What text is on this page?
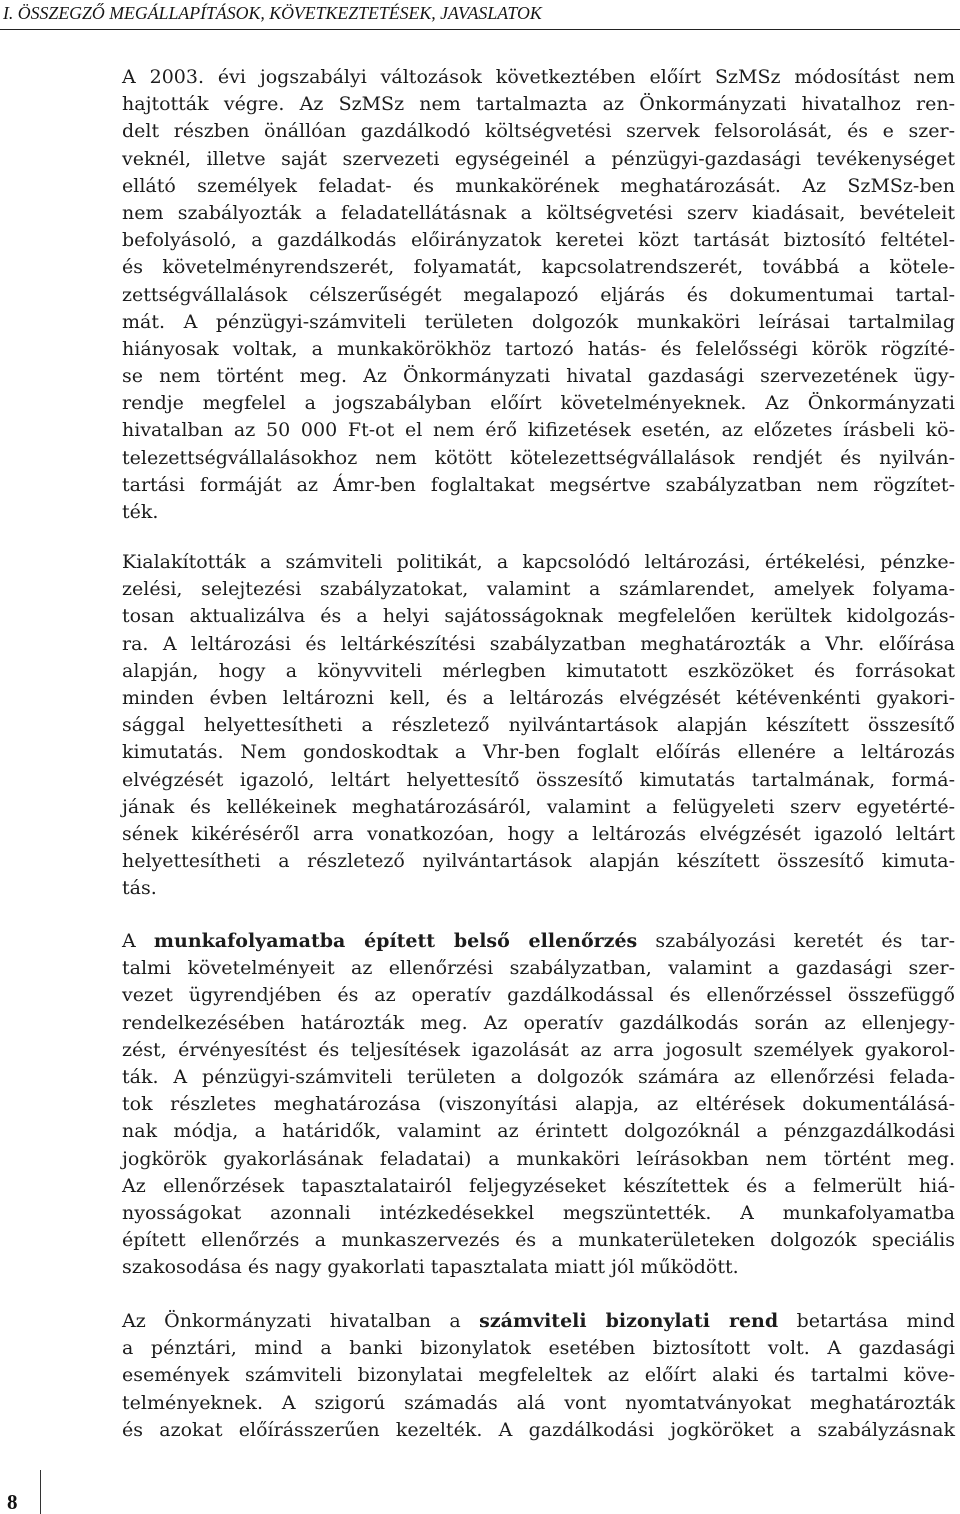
I. ÖSSZEGZŐ MEGÁLLAPÍTÁSOK, KÖVETKEZTETÉSEK, JAVASLATOK
A 2003. évi jogszabályi változások következtében előírt SzMSz módosítást nem
hajtották végre. Az SzMSz nem tartalmazta az Önkormányzati hivatalhoz ren-
delt részben önállóan gazdálkodó költségvetési szervek felsorolását, és e szer-
veknél, illetve saját szervezeti egységeinél a pénzügyi-gazdasági tevékenységet
ellátó személyek feladat- és munkakörének meghatározását. Az SzMSz-ben
nem szabályozták a feladatellátásnak a költségvetési szerv kiadásait, bevételeit
befolyásoló, a gazdálkodás előirányzatok keretei közt tartását biztosító feltétel-
és követelményrendszerét, folyamatát, kapcsolatrendszerét, továbbá a kötele-
zettségvállalások célszerűségét megalapozó eljárás és dokumentumai tartal-
mát. A pénzügyi-számviteli területen dolgozók munkaköri leírásai tartalmilag
hiányosak voltak, a munkakörökhöz tartozó hatás- és felelősségi körök rögzíté-
se nem történt meg. Az Önkormányzati hivatal gazdasági szervezetének ügy-
rendje megfelel a jogszabályban előírt követelményeknek. Az Önkormányzati
hivatalban az 50 000 Ft-ot el nem érő kifizetések esetén, az előzetes írásbeli kö-
telezettségvállalásokhoz nem kötött kötelezettségvállalások rendjét és nyilván-
tartási formáját az Ámr-ben foglaltakat megsértve szabályzatban nem rögzítet-
ték.
Kialakították a számviteli politikát, a kapcsolódó leltározási, értékelési, pénzke-
zelési, selejtezési szabályzatokat, valamint a számlarendet, amelyek folyama-
tosan aktualizálva és a helyi sajátosságoknak megfelelően kerültek kidolgozás-
ra. A leltározási és leltárkészítési szabályzatban meghatározták a Vhr. előírása
alapján, hogy a könyvviteli mérlegben kimutatott eszközöket és forrásokat
minden évben leltározni kell, és a leltározás elvégzését kétévenkénti gyakori-
sággal helyettesítheti a részletező nyilvántartások alapján készített összesítő
kimutatás. Nem gondoskodtak a Vhr-ben foglalt előírás ellenére a leltározás
elvégzését igazoló, leltárt helyettesítő összesítő kimutatás tartalmának, formá-
jának és kellékeinek meghatározásáról, valamint a felügyeleti szerv egyetérté-
sének kikéréséről arra vonatkozóan, hogy a leltározás elvégzését igazoló leltárt
helyettesítheti a részletező nyilvántartások alapján készített összesítő kimuta-
tás.
A munkafolyamatba épített belső ellenőrzés szabályozási keretét és tar-
talmi követelményeit az ellenőrzési szabályzatban, valamint a gazdasági szer-
vezet ügyrendjében és az operatív gazdálkodással és ellenőrzéssel összefüggő
rendelkezésében határozták meg. Az operatív gazdálkodás során az ellenjegy-
zést, érvényesítést és teljesítések igazolását az arra jogosult személyek gyakorol-
ták. A pénzügyi-számviteli területen a dolgozók számára az ellenőrzési felada-
tok részletes meghatározása (viszonyítási alapja, az eltérések dokumentálásá-
nak módja, a határidők, valamint az érintett dolgozóknál a pénzgazdálkodási
jogkörök gyakorlásának feladatai) a munkaköri leírásokban nem történt meg.
Az ellenőrzések tapasztalatairól feljegyzéseket készítettek és a felmerült hiá-
nyosságokat azonnali intézkedésekkel megszüntették. A munkafolyamatba
épített ellenőrzés a munkaszervezés és a munkaterületeken dolgozók speciális
szakosodása és nagy gyakorlati tapasztalata miatt jól működött.
Az Önkormányzati hivatalban a számviteli bizonylati rend betartása mind
a pénztári, mind a banki bizonylatok esetében biztosított volt. A gazdasági
események számviteli bizonylatai megfeleltek az előírt alaki és tartalmi köve-
telményeknek. A szigorú számadás alá vont nyomtatványokat meghatározták
és azokat előírásszerűen kezelték. A gazdálkodási jogköröket a szabályzásnak
8
